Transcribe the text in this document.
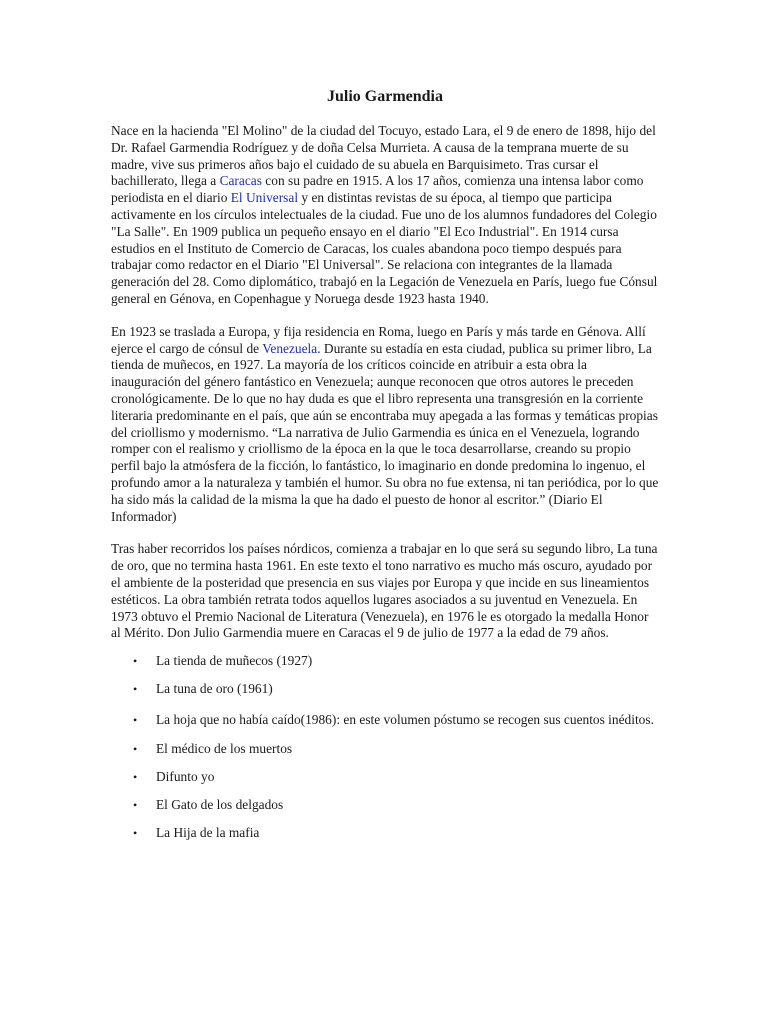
Julio Garmendia

Nace en la hacienda "El Molino" de la ciudad del Tocuyo, estado Lara, el 9 de enero de 1898, hijo del Dr. Rafael Garmendia Rodríguez y de doña Celsa Murrieta. A causa de la temprana muerte de su madre, vive sus primeros años bajo el cuidado de su abuela en Barquisimeto. Tras cursar el bachillerato, llega a Caracas con su padre en 1915. A los 17 años, comienza una intensa labor como periodista en el diario El Universal y en distintas revistas de su época, al tiempo que participa activamente en los círculos intelectuales de la ciudad. Fue uno de los alumnos fundadores del Colegio "La Salle". En 1909 publica un pequeño ensayo en el diario "El Eco Industrial". En 1914 cursa estudios en el Instituto de Comercio de Caracas, los cuales abandona poco tiempo después para trabajar como redactor en el Diario "El Universal". Se relaciona con integrantes de la llamada generación del 28. Como diplomático, trabajó en la Legación de Venezuela en París, luego fue Cónsul general en Génova, en Copenhague y Noruega desde 1923 hasta 1940.

En 1923 se traslada a Europa, y fija residencia en Roma, luego en París y más tarde en Génova. Allí ejerce el cargo de cónsul de Venezuela. Durante su estadía en esta ciudad, publica su primer libro, La tienda de muñecos, en 1927. La mayoría de los críticos coincide en atribuir a esta obra la inauguración del género fantástico en Venezuela; aunque reconocen que otros autores le preceden cronológicamente. De lo que no hay duda es que el libro representa una transgresión en la corriente literaria predominante en el país, que aún se encontraba muy apegada a las formas y temáticas propias del criollismo y modernismo. “La narrativa de Julio Garmendia es única en el Venezuela, logrando romper con el realismo y criollismo de la época en la que le toca desarrollarse, creando su propio perfil bajo la atmósfera de la ficción, lo fantástico, lo imaginario en donde predomina lo ingenuo, el profundo amor a la naturaleza y también el humor. Su obra no fue extensa, ni tan periódica, por lo que ha sido más la calidad de la misma la que ha dado el puesto de honor al escritor.” (Diario El Informador)

Tras haber recorridos los países nórdicos, comienza a trabajar en lo que será su segundo libro, La tuna de oro, que no termina hasta 1961. En este texto el tono narrativo es mucho más oscuro, ayudado por el ambiente de la posteridad que presencia en sus viajes por Europa y que incide en sus lineamientos estéticos. La obra también retrata todos aquellos lugares asociados a su juventud en Venezuela. En 1973 obtuvo el Premio Nacional de Literatura (Venezuela), en 1976 le es otorgado la medalla Honor al Mérito. Don Julio Garmendia muere en Caracas el 9 de julio de 1977 a la edad de 79 años.

• La tienda de muñecos (1927)
• La tuna de oro (1961)
• La hoja que no había caído(1986): en este volumen póstumo se recogen sus cuentos inéditos.
• El médico de los muertos
• Difunto yo
• El Gato de los delgados
• La Hija de la mafia
